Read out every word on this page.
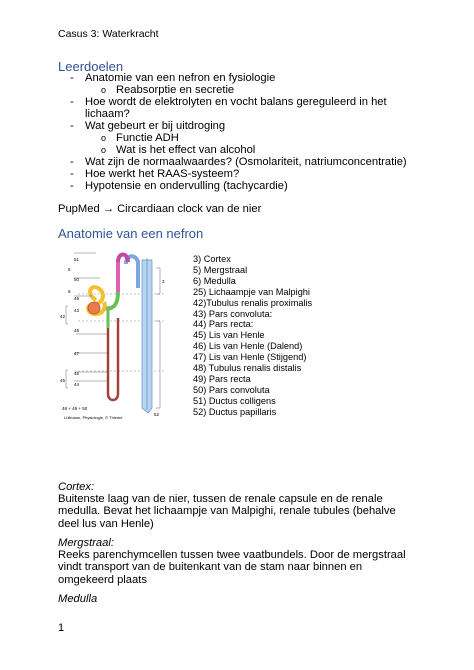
Casus 3: Waterkracht
Leerdoelen
- Anatomie van een nefron en fysiologie
o Reabsorptie en secretie
- Hoe wordt de elektrolyten en vocht balans gereguleerd in het lichaam?
- Wat gebeurt er bij uitdroging
o Functie ADH
o Wat is het effect van alcohol
- Wat zijn de normaalwaardes? (Osmolariteit, natriumconcentratie)
- Hoe werkt het RAAS-systeem?
- Hypotensie en ondervulling (tachycardie)
PupMed → Circardiaan clock van de nier
Anatomie van een nefron
51
5
50
6
49
48
47
46
45
44
43
42
48 + 49 + 50
3
52
Lüllmann, Physiologie, © Thieme
3) Cortex
5) Mergstraal
6) Medulla
25) Lichaampje van Malpighi
42)Tubulus renalis proximalis
43) Pars convoluta:
44) Pars recta:
45) Lis van Henle
46) Lis van Henle (Dalend)
47) Lis van Henle (Stijgend)
48) Tubulus renalis distalis
49) Pars recta
50) Pars convoluta
51) Ductus colligens
52) Ductus papillaris
Cortex:
Buitenste laag van de nier, tussen de renale capsule en de renale medulla. Bevat het lichaampje van Malpighi, renale tubules (behalve deel lus van Henle)
Mergstraal:
Reeks parenchymcellen tussen twee vaatbundels. Door de mergstraal vindt transport van de buitenkant van de stam naar binnen en omgekeerd plaats
Medulla
1
